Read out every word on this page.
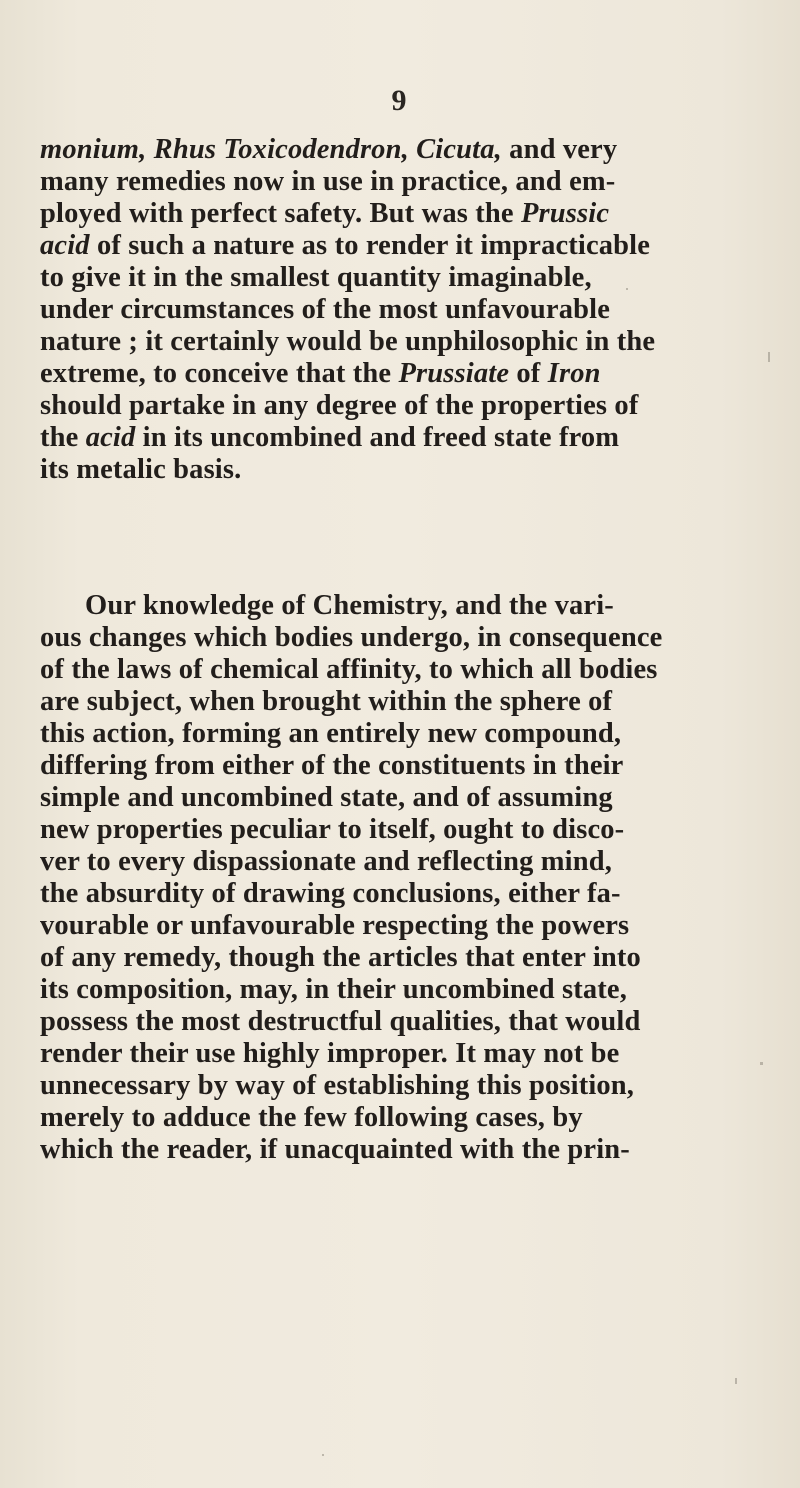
9
monium, Rhus Toxicodendron, Cicuta, and very
many remedies now in use in practice, and em-
ployed with perfect safety. But was the Prussic
acid of such a nature as to render it impracticable
to give it in the smallest quantity imaginable,
under circumstances of the most unfavourable
nature ; it certainly would be unphilosophic in the
extreme, to conceive that the Prussiate of Iron
should partake in any degree of the properties of
the acid in its uncombined and freed state from
its metalic basis.
Our knowledge of Chemistry, and the vari-
ous changes which bodies undergo, in consequence
of the laws of chemical affinity, to which all bodies
are subject, when brought within the sphere of
this action, forming an entirely new compound,
differing from either of the constituents in their
simple and uncombined state, and of assuming
new properties peculiar to itself, ought to disco-
ver to every dispassionate and reflecting mind,
the absurdity of drawing conclusions, either fa-
vourable or unfavourable respecting the powers
of any remedy, though the articles that enter into
its composition, may, in their uncombined state,
possess the most destructful qualities, that would
render their use highly improper. It may not be
unnecessary by way of establishing this position,
merely to adduce the few following cases, by
which the reader, if unacquainted with the prin-
